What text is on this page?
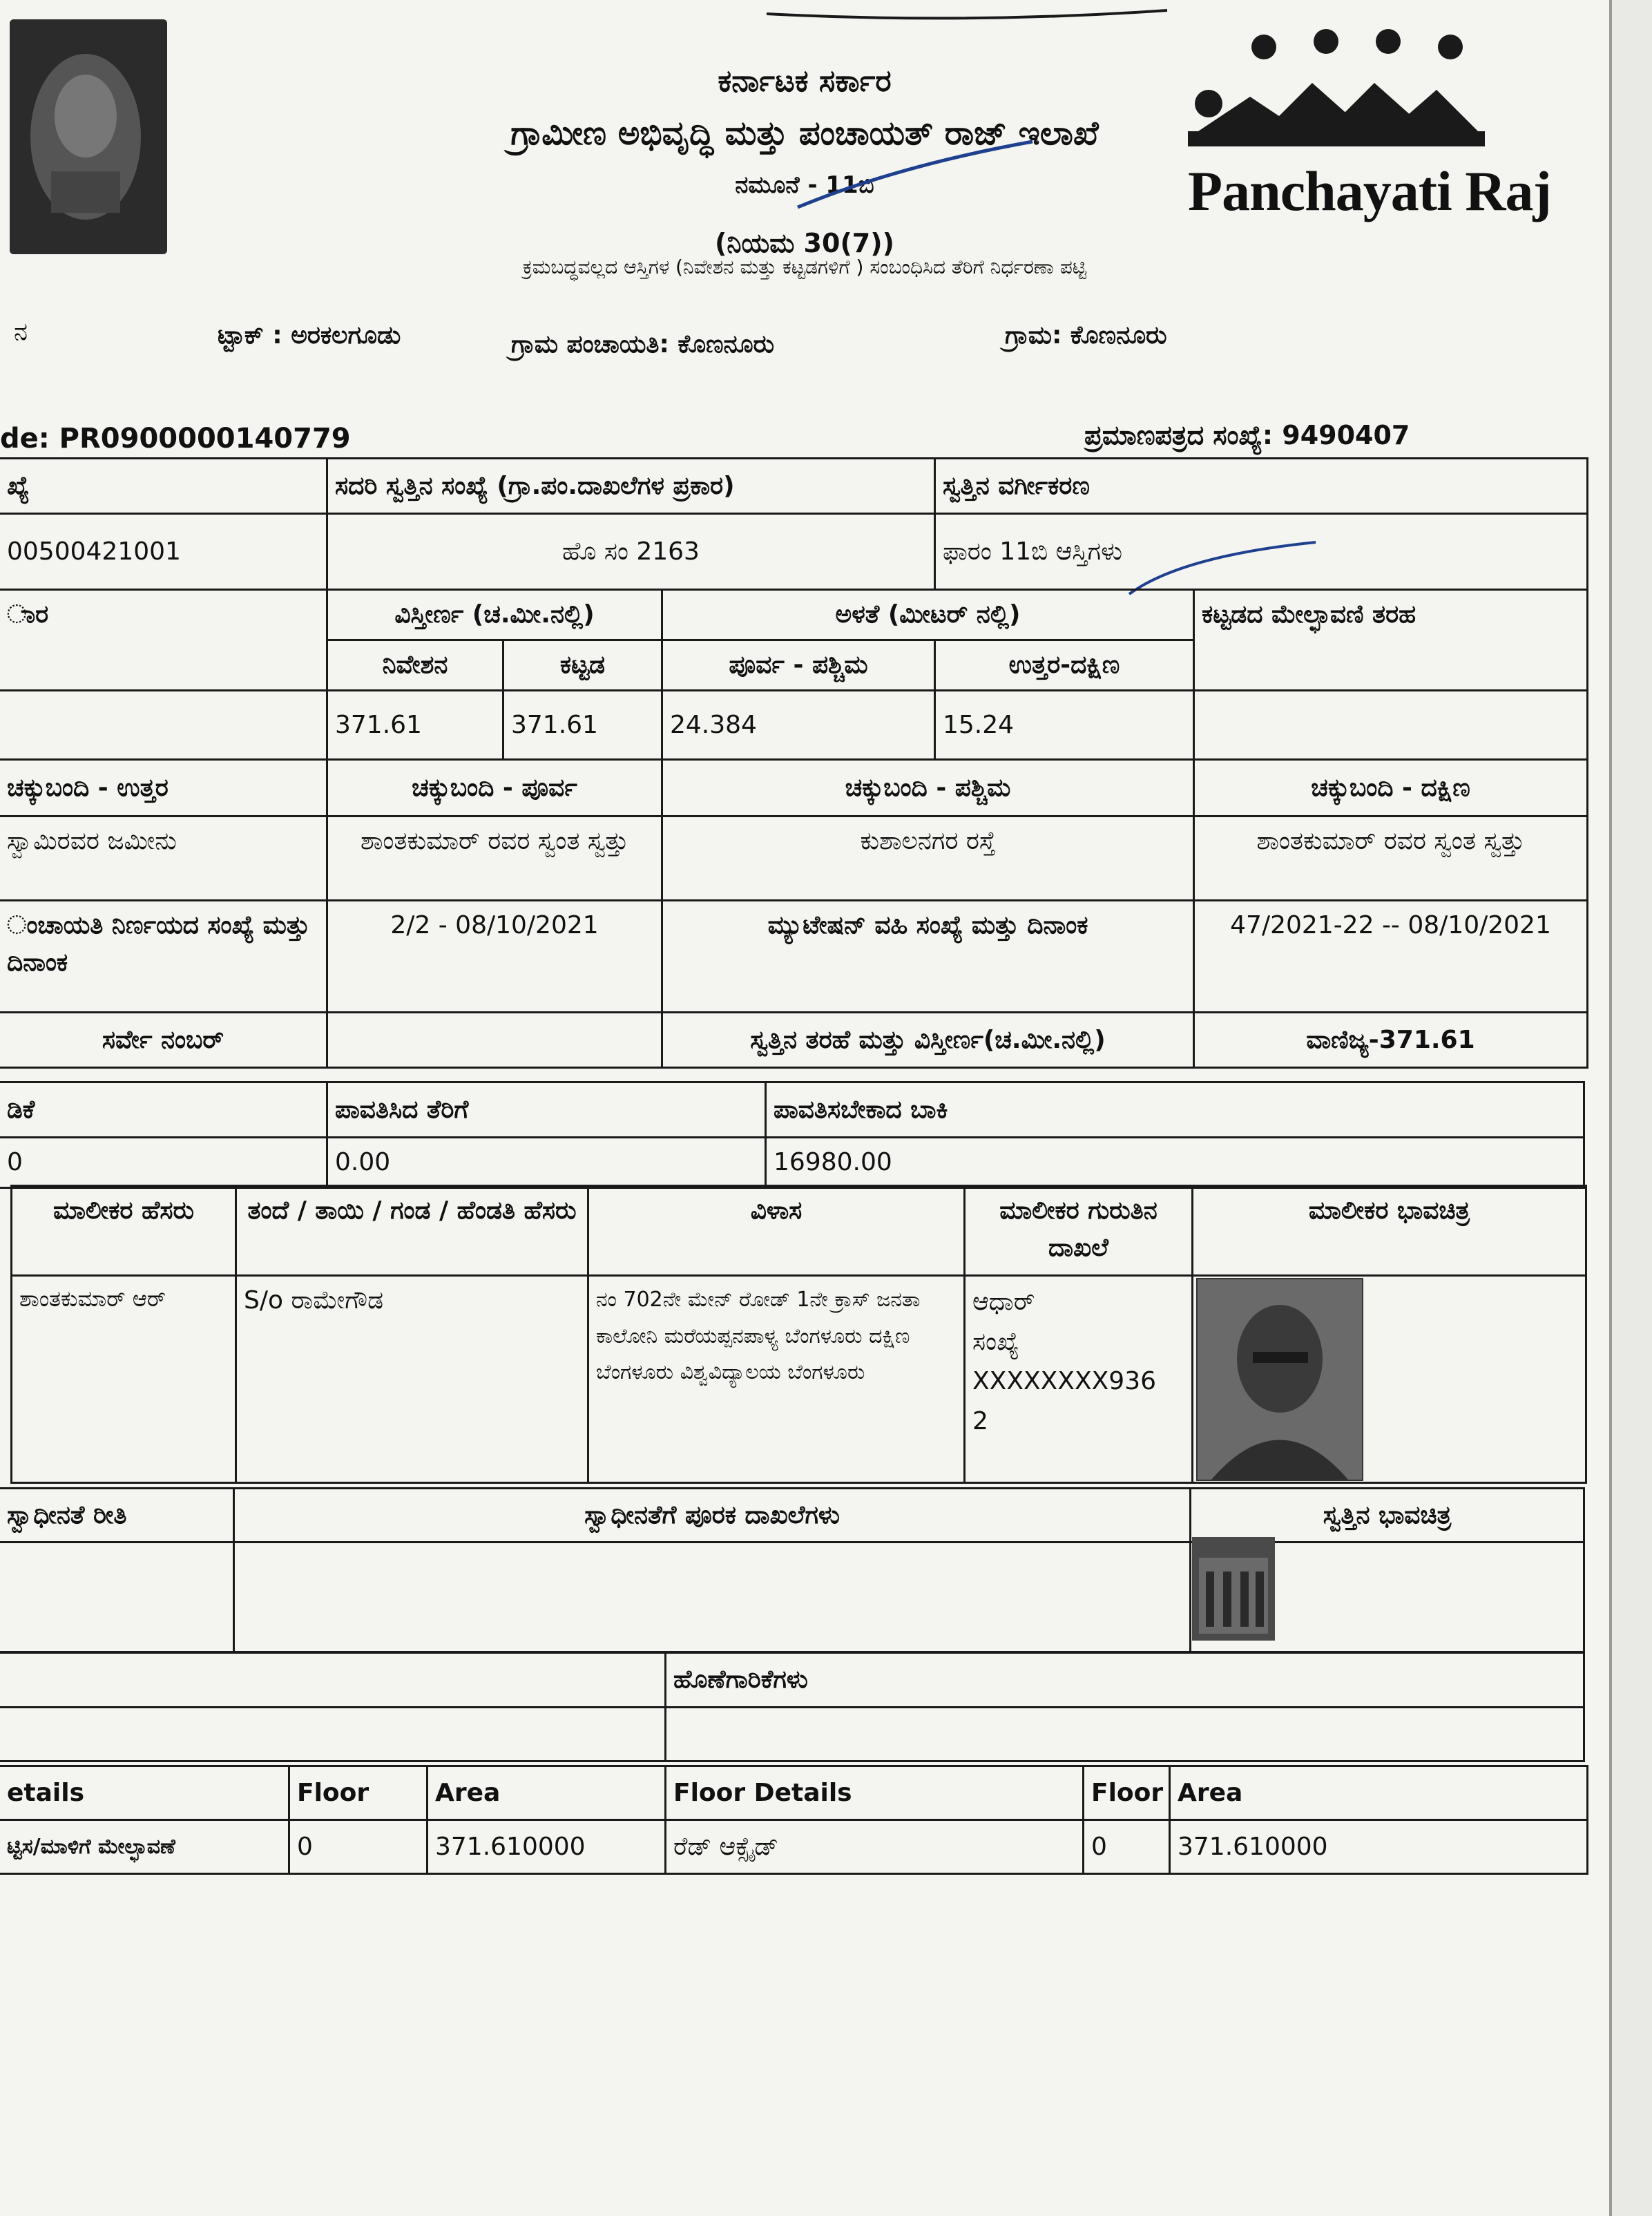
Panchayati Raj
ಕರ್ನಾಟಕ ಸರ್ಕಾರ
ಗ್ರಾಮೀಣ ಅಭಿವೃದ್ಧಿ ಮತ್ತು ಪಂಚಾಯತ್ ರಾಜ್ ಇಲಾಖೆ
ನಮೂನೆ - 11ಬಿ
(ನಿಯಮ 30(7))
ಕ್ರಮಬದ್ಧವಲ್ಲದ ಆಸ್ತಿಗಳ (ನಿವೇಶನ ಮತ್ತು ಕಟ್ಟಡಗಳಿಗೆ ) ಸಂಬಂಧಿಸಿದ ತೆರಿಗೆ ನಿರ್ಧರಣಾ ಪಟ್ಟಿ
ನ	ಟ್ಟಾಕ್ : ಅರಕಲಗೂಡು	ಗ್ರಾಮ ಪಂಚಾಯತಿ: ಕೊಣನೂರು	ಗ್ರಾಮ: ಕೊಣನೂರು
de: PR0900000140779	ಪ್ರಮಾಣಪತ್ರದ ಸಂಖ್ಯೆ: 9490407
ಖ್ಯೆ	ಸದರಿ ಸ್ವತ್ತಿನ ಸಂಖ್ಯೆ (ಗ್ರಾ.ಪಂ.ದಾಖಲೆಗಳ ಪ್ರಕಾರ)			ಸ್ವತ್ತಿನ ವರ್ಗೀಕರಣ	
00500421001	ಹೊ ಸಂ 2163			ಫಾರಂ 11ಬಿ ಆಸ್ತಿಗಳು	
ಾರ	ವಿಸ್ತೀರ್ಣ (ಚ.ಮೀ.ನಲ್ಲಿ)		ಅಳತೆ (ಮೀಟರ್ ನಲ್ಲಿ)		ಕಟ್ಟಡದ ಮೇಲ್ಛಾವಣಿ ತರಹ
	ನಿವೇಶನ	ಕಟ್ಟಡ	ಪೂರ್ವ - ಪಶ್ಚಿಮ	ಉತ್ತರ-ದಕ್ಷಿಣ	
	371.61	371.61	24.384	15.24	
ಚಕ್ಕುಬಂದಿ - ಉತ್ತರ	ಚಕ್ಕುಬಂದಿ - ಪೂರ್ವ		ಚಕ್ಕುಬಂದಿ - ಪಶ್ಚಿಮ		ಚಕ್ಕುಬಂದಿ - ದಕ್ಷಿಣ
ಸ್ವಾಮಿರವರ ಜಮೀನು	ಶಾಂತಕುಮಾರ್ ರವರ ಸ್ವಂತ ಸ್ವತ್ತು		ಕುಶಾಲನಗರ ರಸ್ತೆ		ಶಾಂತಕುಮಾರ್ ರವರ ಸ್ವಂತ ಸ್ವತ್ತು
ಂಚಾಯತಿ ನಿರ್ಣಯದ ಸಂಖ್ಯೆ ಮತ್ತು ದಿನಾಂಕ	2/2 - 08/10/2021		ಮ್ಯುಟೇಷನ್ ವಹಿ ಸಂಖ್ಯೆ ಮತ್ತು ದಿನಾಂಕ		47/2021-22 -- 08/10/2021
ಸರ್ವೇ ನಂಬರ್			ಸ್ವತ್ತಿನ ತರಹೆ ಮತ್ತು ವಿಸ್ತೀರ್ಣ(ಚ.ಮೀ.ನಲ್ಲಿ)		ವಾಣಿಜ್ಯ-371.61
ಡಿಕೆ	ಪಾವತಿಸಿದ ತೆರಿಗೆ	ಪಾವತಿಸಬೇಕಾದ ಬಾಕಿ
0	0.00	16980.00
ಮಾಲೀಕರ ಹೆಸರು	ತಂದೆ / ತಾಯಿ / ಗಂಡ / ಹೆಂಡತಿ ಹೆಸರು	ವಿಳಾಸ	ಮಾಲೀಕರ ಗುರುತಿನ ದಾಖಲೆ	ಮಾಲೀಕರ ಭಾವಚಿತ್ರ
ಶಾಂತಕುಮಾರ್ ಆರ್	S/o ರಾಮೇಗೌಡ	ನಂ 702ನೇ ಮೇನ್ ರೋಡ್ 1ನೇ ಕ್ರಾಸ್ ಜನತಾ ಕಾಲೋನಿ ಮರೆಯಪ್ಪನಪಾಳ್ಯ ಬೆಂಗಳೂರು ದಕ್ಷಿಣ ಬೆಂಗಳೂರು ವಿಶ್ವವಿದ್ಯಾಲಯ ಬೆಂಗಳೂರು	ಆಧಾರ್
ಸಂಖ್ಯೆ
XXXXXXXX936
2	

ಸ್ವಾಧೀನತೆ ರೀತಿ	ಸ್ವಾಧೀನತೆಗೆ ಪೂರಕ ದಾಖಲೆಗಳು	ಸ್ವತ್ತಿನ ಭಾವಚಿತ್ರ

	ಹೊಣೆಗಾರಿಕೆಗಳು

etails	Floor	Area	Floor Details	Floor	Area
ಟ್ಟಿಸ/ಮಾಳಿಗೆ ಮೇಲ್ಛಾವಣೆ	0	371.610000	ರೆಡ್ ಆಕ್ಸೈಡ್	0	371.610000
